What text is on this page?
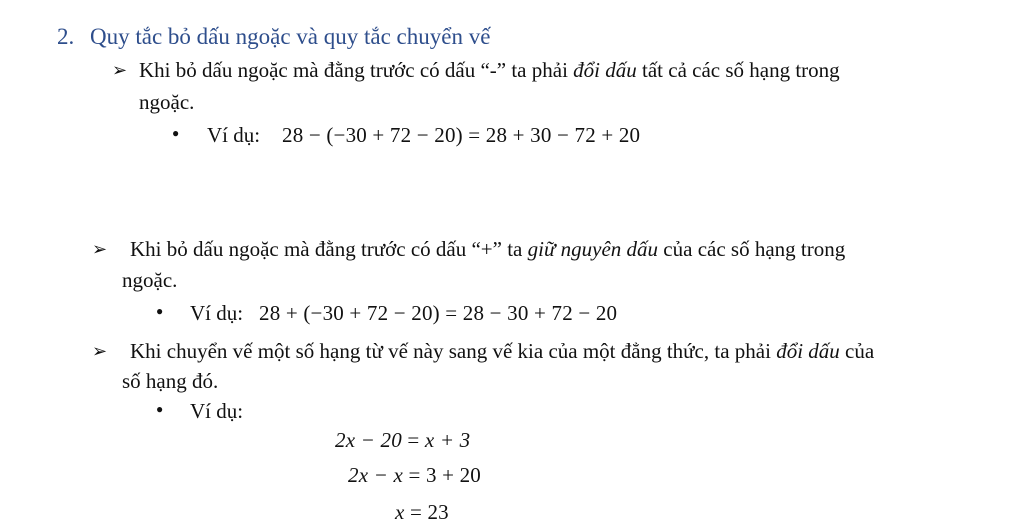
2. Quy tắc bỏ dấu ngoặc và quy tắc chuyển vế
➢ Khi bỏ dấu ngoặc mà đằng trước có dấu “-” ta phải đổi dấu tất cả các số hạng trong
ngoặc.
● Ví dụ: 28 − (−30 + 72 − 20) = 28 + 30 − 72 + 20
➢ Khi bỏ dấu ngoặc mà đằng trước có dấu “+” ta giữ nguyên dấu của các số hạng trong
ngoặc.
● Ví dụ: 28 + (−30 + 72 − 20) = 28 − 30 + 72 − 20
➢ Khi chuyển vế một số hạng từ vế này sang vế kia của một đẳng thức, ta phải đổi dấu của
số hạng đó.
● Ví dụ:
2x − 20 = x + 3
2x − x = 3 + 20
x = 23
